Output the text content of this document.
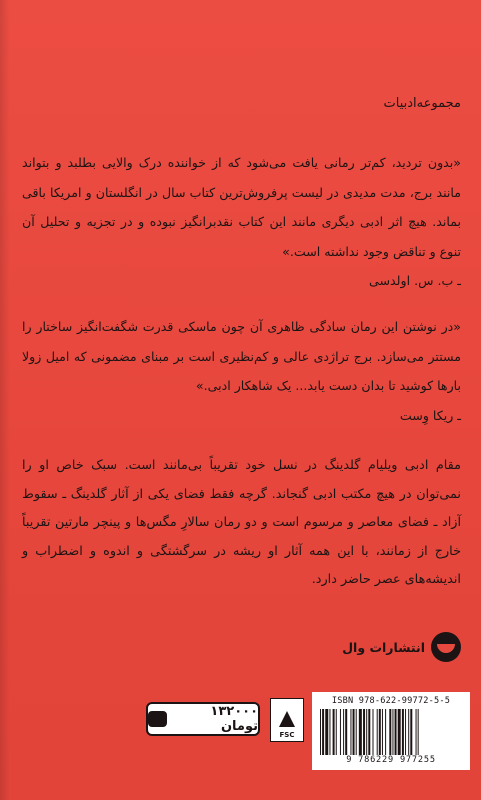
مجموعه‌ادبیات
«بدون تردید، کم‌تر رمانی یافت می‌شود که از خواننده درک والایی بطلبد و بتواند مانند برج، مدت مدیدی در لیست پرفروش‌ترین کتاب سال در انگلستان و امریکا باقی بماند. هیچ اثر ادبی دیگری مانند این کتاب نقدبرانگیز نبوده و در تجزیه و تحلیل آن تنوع و تناقض وجود نداشته است.»
ـ ب. س. اولدسی
«در نوشتن این رمان سادگی ظاهری آن چون ماسکی قدرت شگفت‌انگیز ساختار را مستتر می‌سازد. برج تراژدی عالی و کم‌نظیری است بر مبنای مضمونی که امیل زولا بارها کوشید تا بدان دست یابد... یک شاهکار ادبی.»
ـ ریکا وِست
مقام ادبی ویلیام گلدینگ در نسل خود تقریباً بی‌مانند است. سبک خاص او را نمی‌توان در هیچ مکتب ادبی گنجاند. گرچه فقط فضای یکی از آثار گلدینگ ـ سقوط آزاد ـ فضای معاصر و مرسوم است و دو رمان سالارِ مگس‌ها و پینچر مارتین تقریباً خارج از زمانند، با این همه آثار او ریشه در سرگشتگی و اندوه و اضطراب و اندیشه‌های عصر حاضر دارد.
انتشارات وال
۱۳۲۰۰۰ تومان
FSC
ISBN 978-622-99772-5-5
9 786229 977255
